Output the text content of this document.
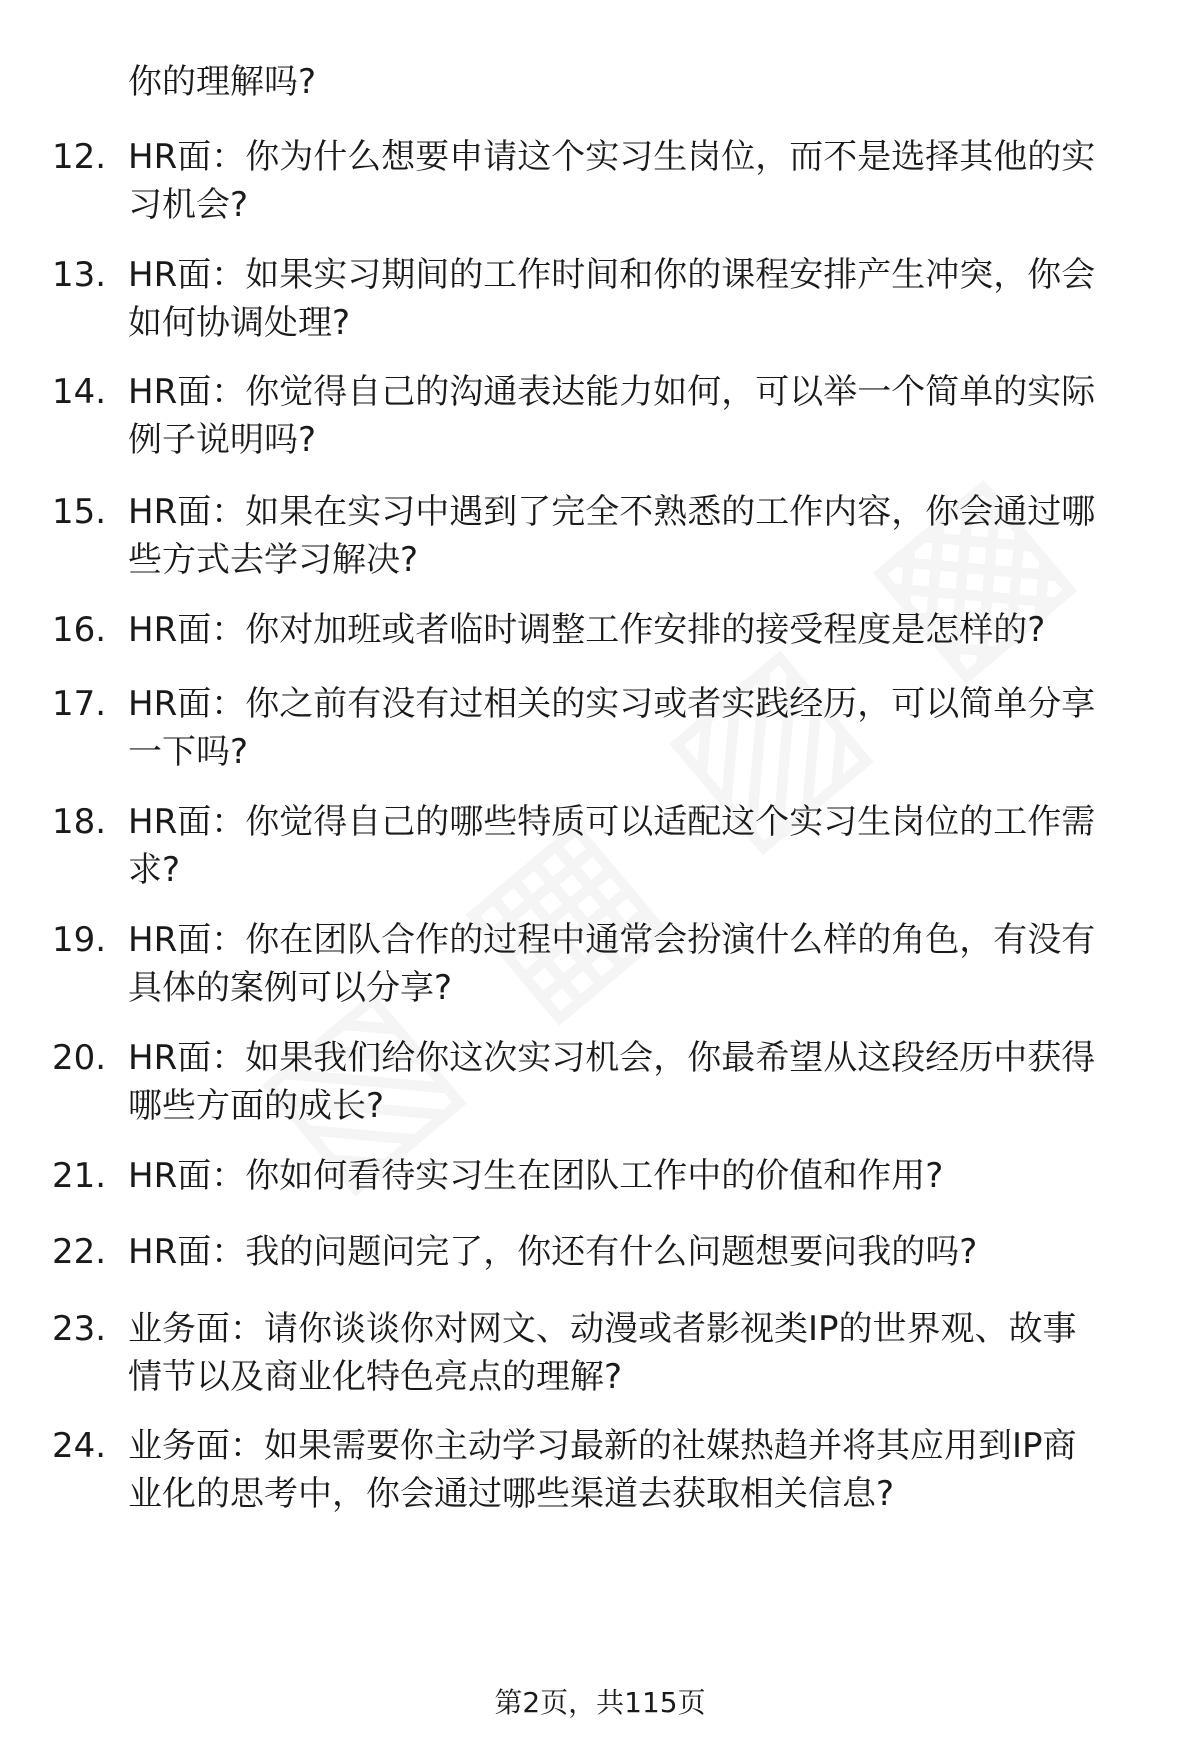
你的理解吗?
12. HR面：你为什么想要申请这个实习生岗位，而不是选择其他的实
习机会?
13. HR面：如果实习期间的工作时间和你的课程安排产生冲突，你会
如何协调处理?
14. HR面：你觉得自己的沟通表达能力如何，可以举一个简单的实际
例子说明吗?
15. HR面：如果在实习中遇到了完全不熟悉的工作内容，你会通过哪
些方式去学习解决?
16. HR面：你对加班或者临时调整工作安排的接受程度是怎样的?
17. HR面：你之前有没有过相关的实习或者实践经历，可以简单分享
一下吗?
18. HR面：你觉得自己的哪些特质可以适配这个实习生岗位的工作需
求?
19. HR面：你在团队合作的过程中通常会扮演什么样的角色，有没有
具体的案例可以分享?
20. HR面：如果我们给你这次实习机会，你最希望从这段经历中获得
哪些方面的成长?
21. HR面：你如何看待实习生在团队工作中的价值和作用?
22. HR面：我的问题问完了，你还有什么问题想要问我的吗?
23. 业务面：请你谈谈你对网文、动漫或者影视类IP的世界观、故事
情节以及商业化特色亮点的理解?
24. 业务面：如果需要你主动学习最新的社媒热趋并将其应用到IP商
业化的思考中，你会通过哪些渠道去获取相关信息?
第2页，共115页
